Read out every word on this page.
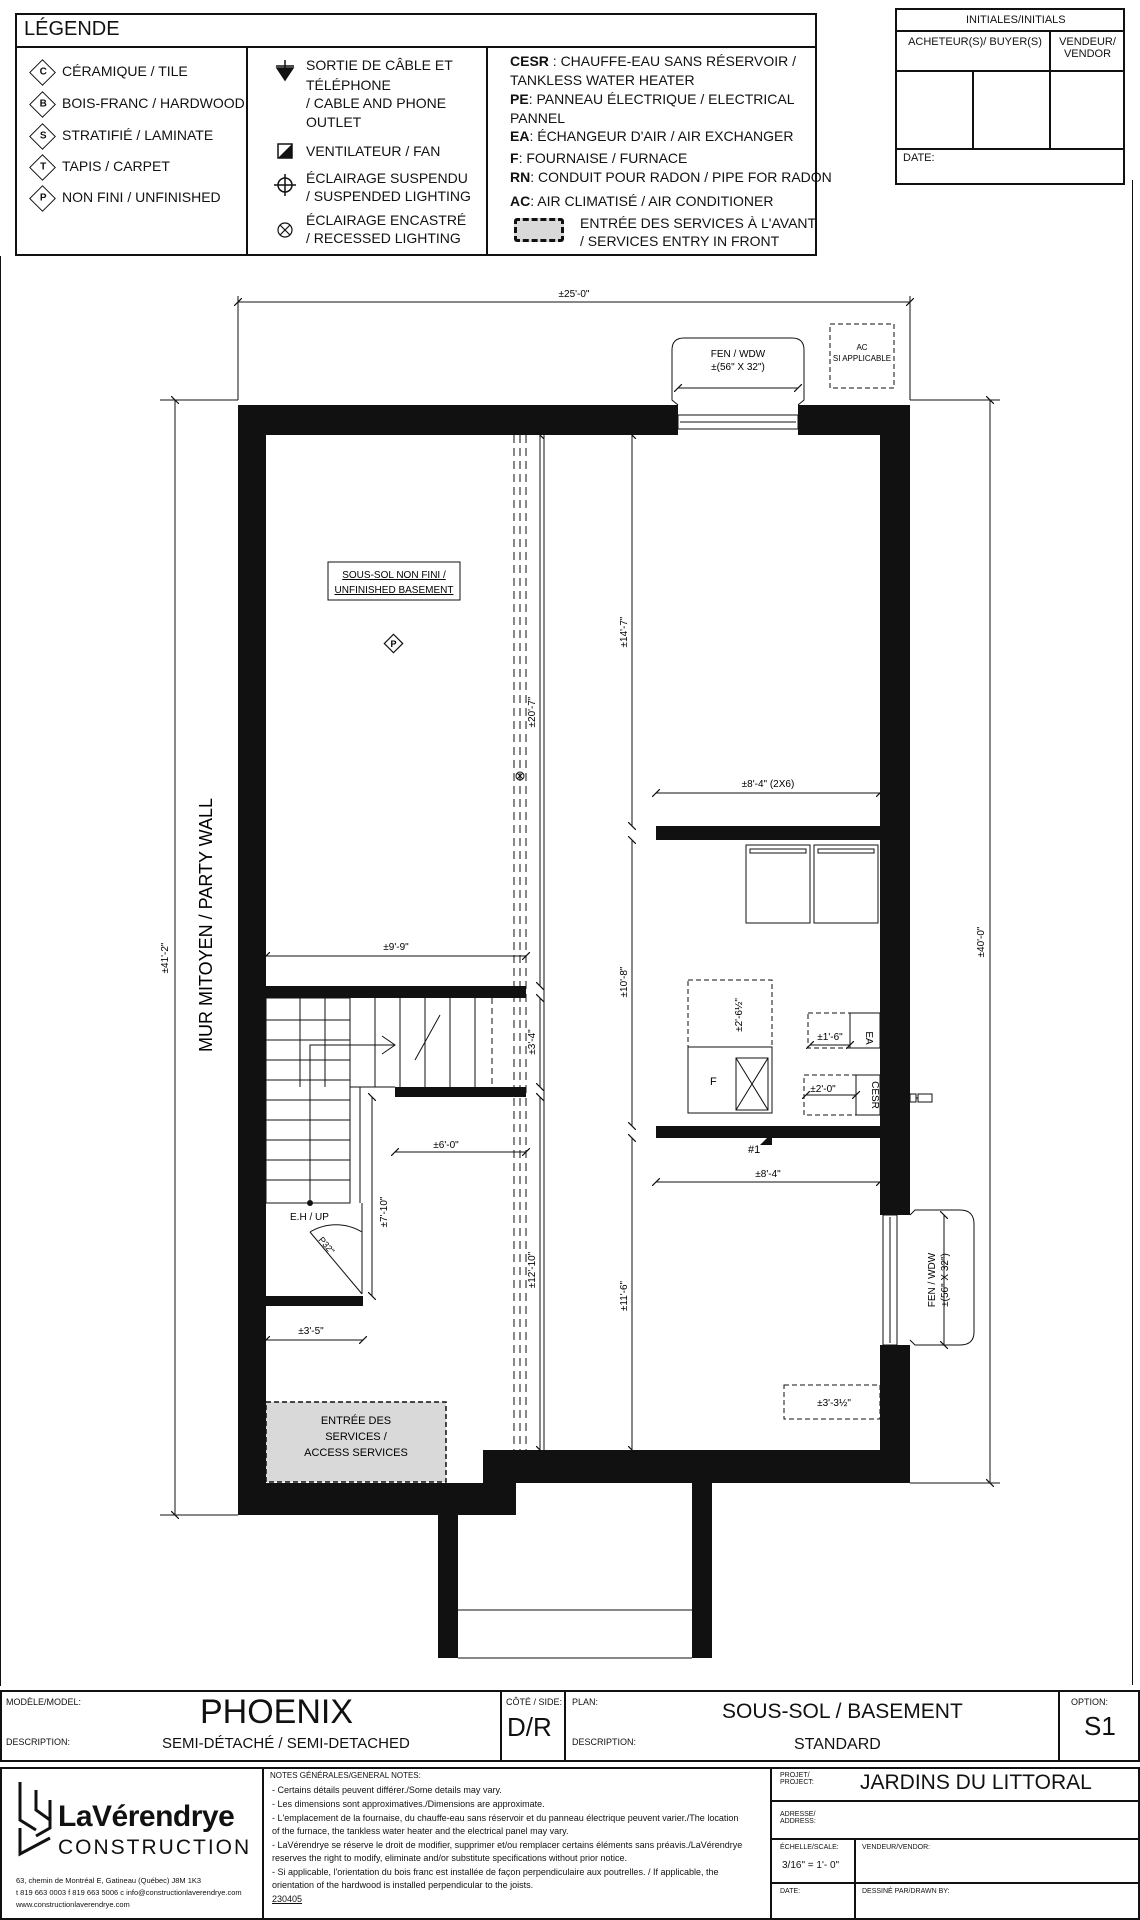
LÉGENDE
C	CÉRAMIQUE / TILE
B	BOIS-FRANC / HARDWOOD
S	STRATIFIÉ / LAMINATE
T	TAPIS / CARPET
P	NON FINI / UNFINISHED
SORTIE DE CÂBLE ET
TÉLÉPHONE
/ CABLE AND PHONE
OUTLET
VENTILATEUR / FAN
ÉCLAIRAGE SUSPENDU
/ SUSPENDED LIGHTING
ÉCLAIRAGE ENCASTRÉ
/ RECESSED LIGHTING
CESR : CHAUFFE-EAU SANS RÉSERVOIR /
TANKLESS WATER HEATER
PE: PANNEAU ÉLECTRIQUE / ELECTRICAL
PANNEL
EA: ÉCHANGEUR D'AIR / AIR EXCHANGER
F: FOURNAISE / FURNACE
RN: CONDUIT POUR RADON / PIPE FOR RADON
AC: AIR CLIMATISÉ / AIR CONDITIONER
ENTRÉE DES SERVICES À L'AVANT
/ SERVICES ENTRY IN FRONT
INITIALES/INITIALS
ACHETEUR(S)/ BUYER(S)	VENDEUR/ VENDOR
DATE:
±25'-0"
±41'-2"
±40'-0"
MUR MITOYEN / PARTY WALL
E.H / UP
P32"
FEN / WDW
±(56" X 32")
AC
SI APPLICABLE
SOUS-SOL NON FINI /
UNFINISHED BASEMENT
P
±20'-7"
±14'-7"
±8'-4" (2X6)
±9'-9"
±3'-4"
±10'-8"
±6'-0"
±8'-4"
±7'-10"
±12'-10"
±11'-6"
±3'-5"
±2'-6½"
±1'-6" EA
F
±2'-0"	CESR
#1
FEN / WDW ±(56" X 32")
±3'-3½"
ENTRÉE DES
SERVICES /
ACCESS SERVICES
MODÈLE/MODEL:	PHOENIX
DESCRIPTION:	SEMI-DÉTACHÉ / SEMI-DETACHED
CÔTÉ / SIDE:
D/R
PLAN:	SOUS-SOL / BASEMENT
DESCRIPTION:	STANDARD
OPTION:
S1
LaVérendrye
CONSTRUCTION
63, chemin de Montréal E, Gatineau (Québec) J8M 1K3
t 819 663 0003 f 819 663 5006 c info@constructionlaverendrye.com
www.constructionlaverendrye.com
NOTES GÉNÉRALES/GENERAL NOTES:
- Certains détails peuvent différer./Some details may vary.
- Les dimensions sont approximatives./Dimensions are approximate.
- L'emplacement de la fournaise, du chauffe-eau sans réservoir et du panneau électrique peuvent varier./The location
of the furnace, the tankless water heater and the electrical panel may vary.
- LaVérendrye se réserve le droit de modifier, supprimer et/ou remplacer certains éléments sans préavis./LaVérendrye
reserves the right to modify, eliminate and/or substitute specifications without prior notice.
- Si applicable, l'orientation du bois franc est installée de façon perpendiculaire aux poutrelles. / If applicable, the
orientation of the hardwood is installed perpendicular to the joists.
230405
PROJET/ PROJECT: JARDINS DU LITTORAL
ADRESSE/ ADDRESS:
ÉCHELLE/SCALE:
3/16" = 1'- 0"
VENDEUR/VENDOR:
DATE:	DESSINÉ PAR/DRAWN BY:
